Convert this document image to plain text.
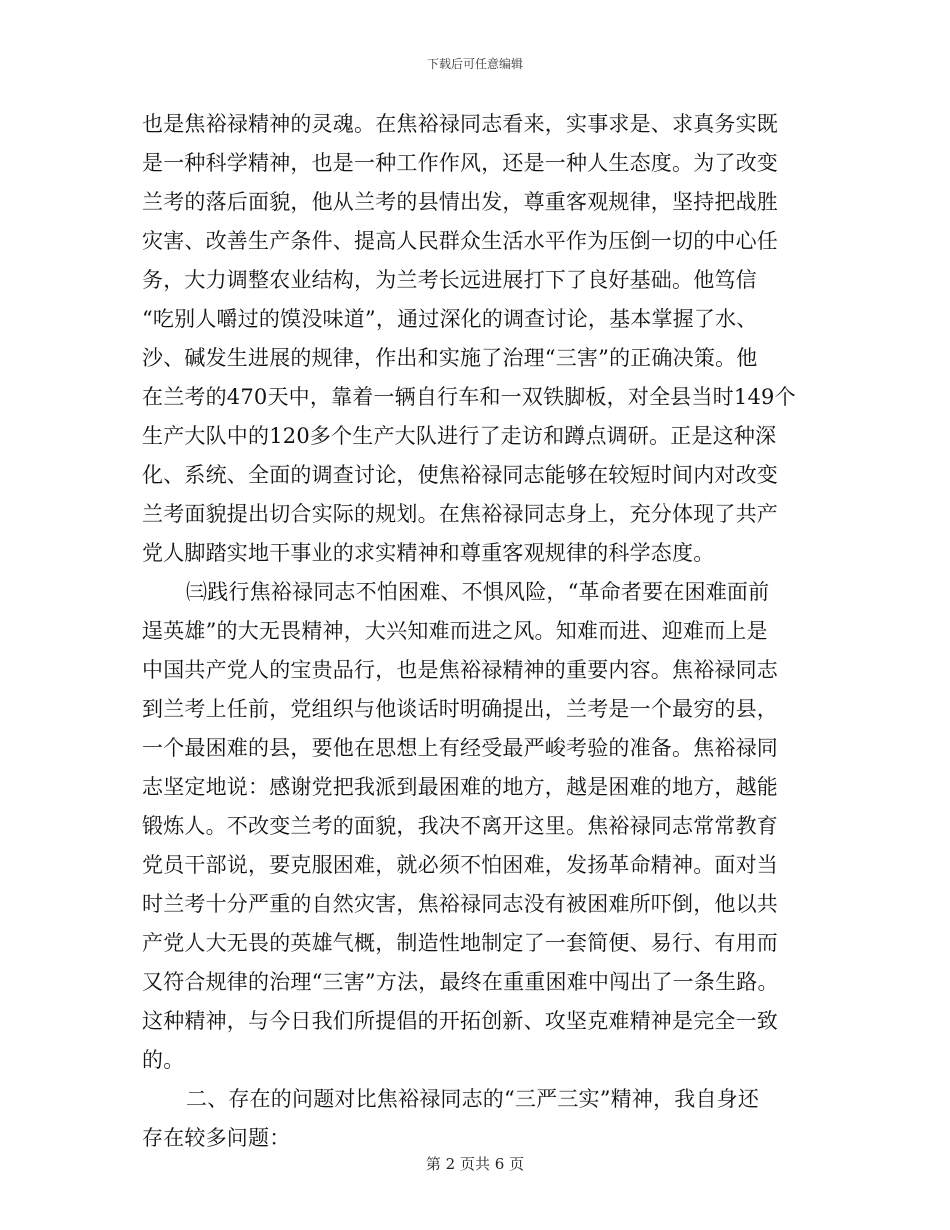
下载后可任意编辑
也是焦裕禄精神的灵魂。在焦裕禄同志看来，实事求是、求真务实既
是一种科学精神，也是一种工作作风，还是一种人生态度。为了改变
兰考的落后面貌，他从兰考的县情出发，尊重客观规律，坚持把战胜
灾害、改善生产条件、提高人民群众生活水平作为压倒一切的中心任
务，大力调整农业结构，为兰考长远进展打下了良好基础。他笃信
“吃别人嚼过的馍没味道”，通过深化的调查讨论，基本掌握了水、
沙、碱发生进展的规律，作出和实施了治理“三害”的正确决策。他
在兰考的470天中，靠着一辆自行车和一双铁脚板，对全县当时149个
生产大队中的120多个生产大队进行了走访和蹲点调研。正是这种深
化、系统、全面的调查讨论，使焦裕禄同志能够在较短时间内对改变
兰考面貌提出切合实际的规划。在焦裕禄同志身上，充分体现了共产
党人脚踏实地干事业的求实精神和尊重客观规律的科学态度。
㈢践行焦裕禄同志不怕困难、不惧风险，“革命者要在困难面前
逞英雄”的大无畏精神，大兴知难而进之风。知难而进、迎难而上是
中国共产党人的宝贵品行，也是焦裕禄精神的重要内容。焦裕禄同志
到兰考上任前，党组织与他谈话时明确提出，兰考是一个最穷的县，
一个最困难的县，要他在思想上有经受最严峻考验的准备。焦裕禄同
志坚定地说：感谢党把我派到最困难的地方，越是困难的地方，越能
锻炼人。不改变兰考的面貌，我决不离开这里。焦裕禄同志常常教育
党员干部说，要克服困难，就必须不怕困难，发扬革命精神。面对当
时兰考十分严重的自然灾害，焦裕禄同志没有被困难所吓倒，他以共
产党人大无畏的英雄气概，制造性地制定了一套简便、易行、有用而
又符合规律的治理“三害”方法，最终在重重困难中闯出了一条生路。
这种精神，与今日我们所提倡的开拓创新、攻坚克难精神是完全一致
的。
二、存在的问题对比焦裕禄同志的“三严三实”精神，我自身还
存在较多问题：
第 2 页共 6 页
